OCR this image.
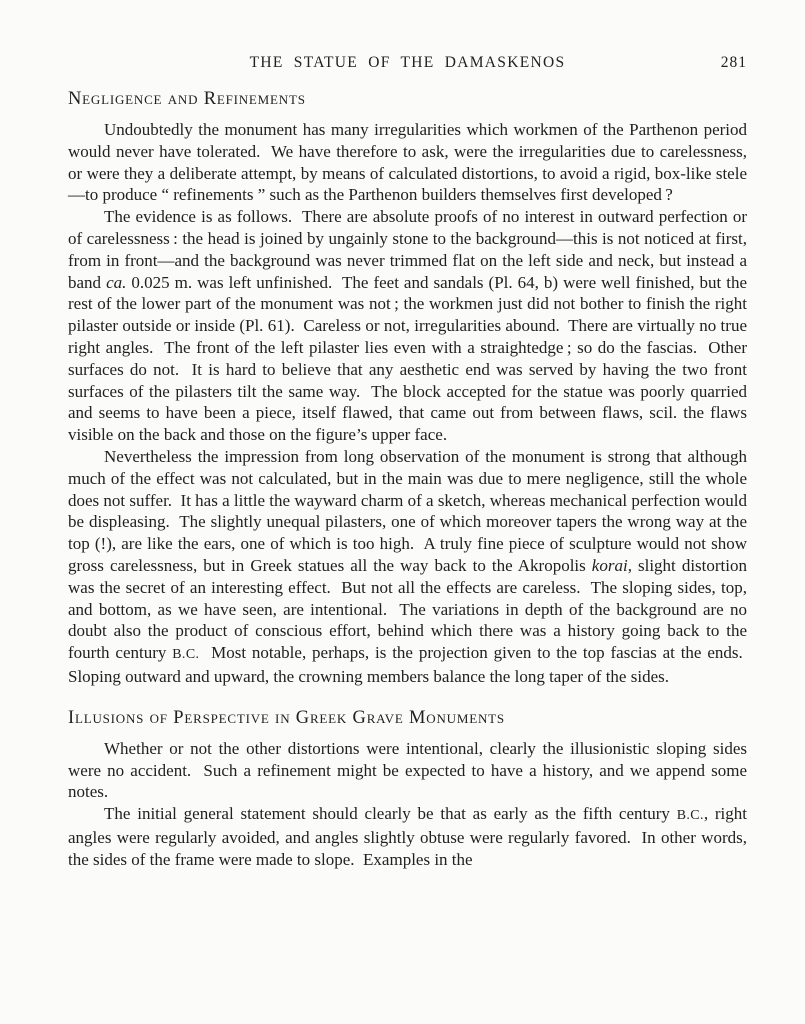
THE STATUE OF THE DAMASKENOS	281
Negligence and Refinements

Undoubtedly the monument has many irregularities which workmen of the Parthenon period would never have tolerated.  We have therefore to ask, were the irregularities due to carelessness, or were they a deliberate attempt, by means of calculated distortions, to avoid a rigid, box-like stele—to produce “ refinements ” such as the Parthenon builders themselves first developed ?

The evidence is as follows.  There are absolute proofs of no interest in outward perfection or of carelessness : the head is joined by ungainly stone to the background—this is not noticed at first, from in front—and the background was never trimmed flat on the left side and neck, but instead a band ca. 0.025 m. was left unfinished.  The feet and sandals (Pl. 64, b) were well finished, but the rest of the lower part of the monument was not ; the workmen just did not bother to finish the right pilaster outside or inside (Pl. 61).  Careless or not, irregularities abound.  There are virtually no true right angles.  The front of the left pilaster lies even with a straightedge ; so do the fascias.  Other surfaces do not.  It is hard to believe that any aesthetic end was served by having the two front surfaces of the pilasters tilt the same way.  The block accepted for the statue was poorly quarried and seems to have been a piece, itself flawed, that came out from between flaws, scil. the flaws visible on the back and those on the figure’s upper face.

Nevertheless the impression from long observation of the monument is strong that although much of the effect was not calculated, but in the main was due to mere negligence, still the whole does not suffer.  It has a little the wayward charm of a sketch, whereas mechanical perfection would be displeasing.  The slightly unequal pilasters, one of which moreover tapers the wrong way at the top (!), are like the ears, one of which is too high.  A truly fine piece of sculpture would not show gross carelessness, but in Greek statues all the way back to the Akropolis korai, slight distortion was the secret of an interesting effect.  But not all the effects are careless.  The sloping sides, top, and bottom, as we have seen, are intentional.  The variations in depth of the background are no doubt also the product of conscious effort, behind which there was a history going back to the fourth century B.C.  Most notable, perhaps, is the projection given to the top fascias at the ends.  Sloping outward and upward, the crowning members balance the long taper of the sides.

Illusions of Perspective in Greek Grave Monuments

Whether or not the other distortions were intentional, clearly the illusionistic sloping sides were no accident.  Such a refinement might be expected to have a history, and we append some notes.

The initial general statement should clearly be that as early as the fifth century B.C., right angles were regularly avoided, and angles slightly obtuse were regularly favored.  In other words, the sides of the frame were made to slope.  Examples in the
